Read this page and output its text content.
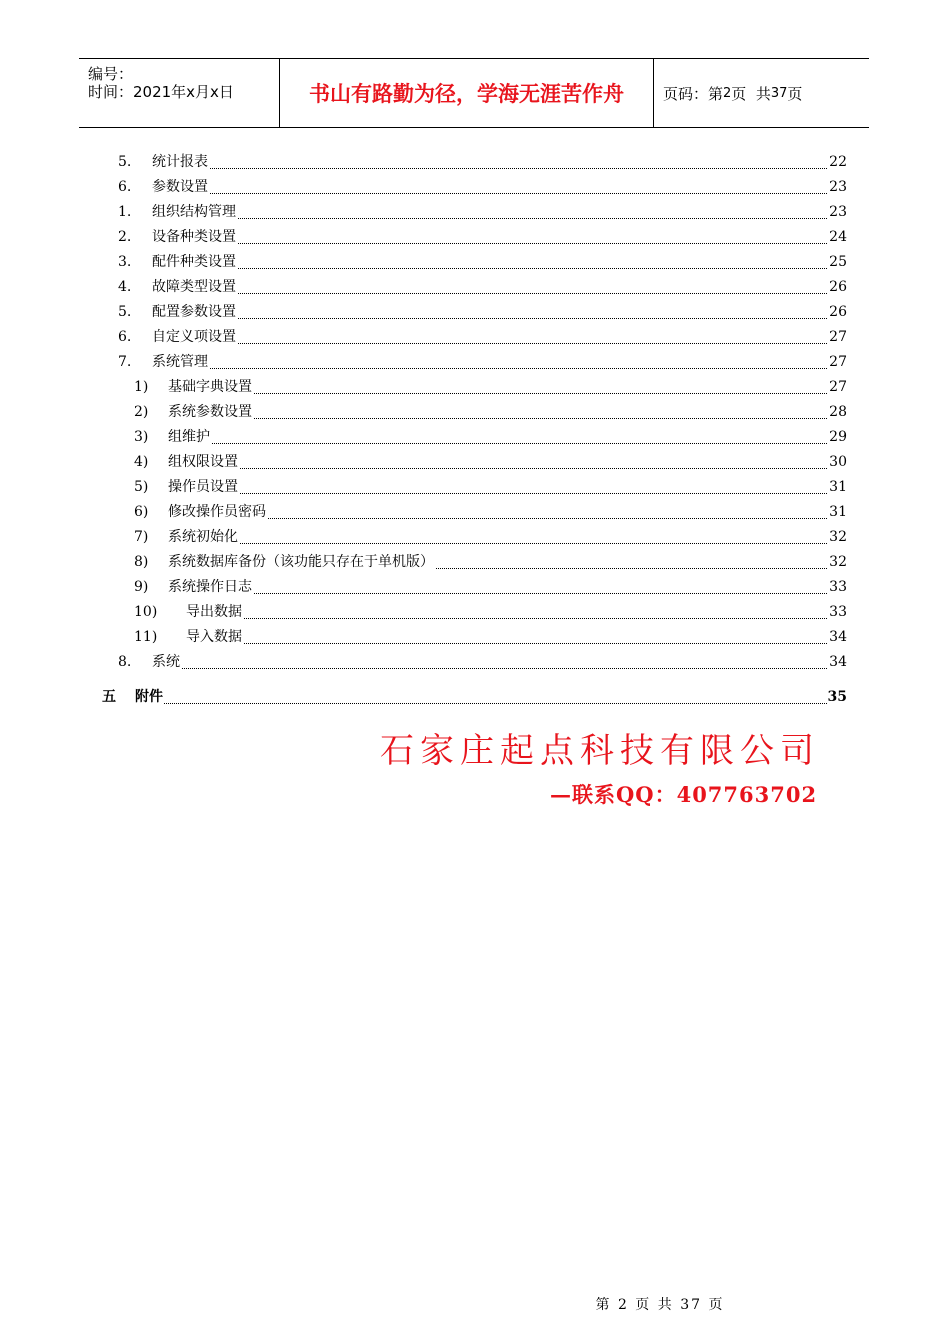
编号：
时间：2021年x月x日	书山有路勤为径，学海无涯苦作舟	页码：第 2 页  共 37 页
5. 统计报表	22
6. 参数设置	23
1. 组织结构管理	23
2. 设备种类设置	24
3. 配件种类设置	25
4. 故障类型设置	26
5. 配置参数设置	26
6. 自定义项设置	27
7. 系统管理	27
1) 基础字典设置	27
2) 系统参数设置	28
3) 组维护	29
4) 组权限设置	30
5) 操作员设置	31
6) 修改操作员密码	31
7) 系统初始化	32
8) 系统数据库备份（该功能只存在于单机版）	32
9) 系统操作日志	33
10) 导出数据	33
11) 导入数据	34
8. 系统	34
五 附件	35
石家庄起点科技有限公司
—联系QQ：407763702
第 2 页 共 37 页
